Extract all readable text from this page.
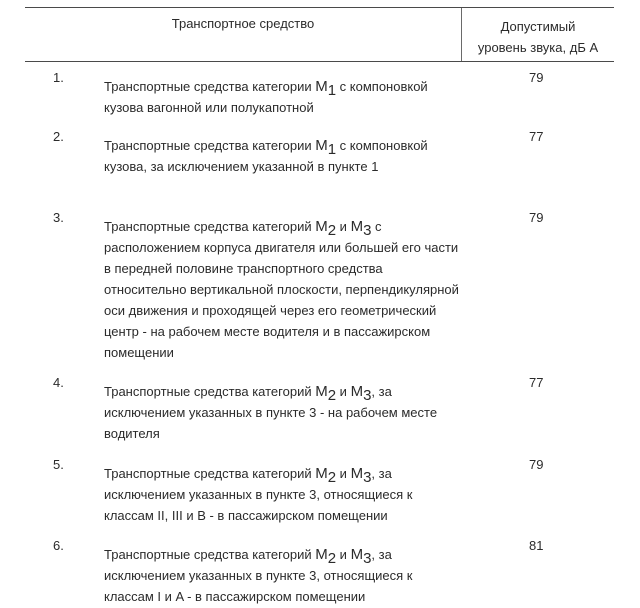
Транспортное средство	Допустимый
уровень звука, дБ А
1.
Транспортные средства категории $M_1$ с компоновкой кузова вагонной или полукапотной
79
2.
Транспортные средства категории $M_1$ с компоновкой кузова, за исключением указанной в пункте 1
77
3.
Транспортные средства категорий $M_2$ и $M_3$ с расположением корпуса двигателя или большей его части в передней половине транспортного средства относительно вертикальной плоскости, перпендикулярной оси движения и проходящей через его геометрический центр - на рабочем месте водителя и в пассажирском помещении
79
4.
Транспортные средства категорий $M_2$ и $M_3$, за исключением указанных в пункте 3 - на рабочем месте водителя
77
5.
Транспортные средства категорий $M_2$ и $M_3$, за исключением указанных в пункте 3, относящиеся к классам II, III и B - в пассажирском помещении
79
6.
Транспортные средства категорий $M_2$ и $M_3$, за исключением указанных в пункте 3, относящиеся к классам I и A - в пассажирском помещении
81
